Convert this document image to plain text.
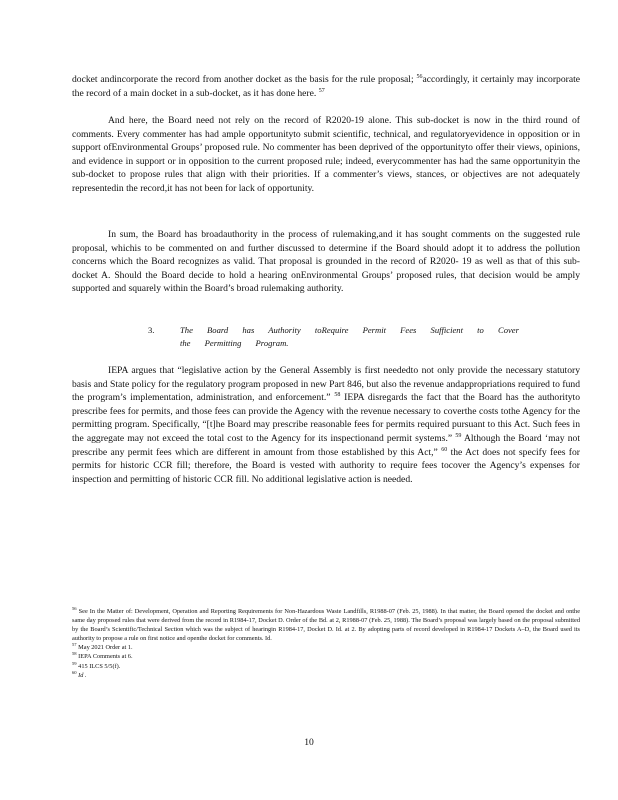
docket andincorporate the record from another docket as the basis for the rule proposal; $^{56}$accordingly, it certainly may incorporate the record of a main docket in a sub-docket, as it has done here. $^{57}$

And here, the Board need not rely on the record of R2020-19 alone. This sub-docket is now in the third round of comments. Every commenter has had ample opportunityto submit scientific, technical, and regulatoryevidence in opposition or in support ofEnvironmental Groups’ proposed rule. No commenter has been deprived of the opportunityto offer their views, opinions, and evidence in support or in opposition to the current proposed rule; indeed, everycommenter has had the same opportunityin the sub-docket to propose rules that align with their priorities. If a commenter’s views, stances, or objectives are not adequately representedin the record,it has not been for lack of opportunity.

In sum, the Board has broadauthority in the process of rulemaking,and it has sought comments on the suggested rule proposal, whichis to be commented on and further discussed to determine if the Board should adopt it to address the pollution concerns which the Board recognizes as valid. That proposal is grounded in the record of R2020- 19 as well as that of this sub-docket A. Should the Board decide to hold a hearing onEnvironmental Groups’ proposed rules, that decision would be amply supported and squarely within the Board’s broad rulemaking authority.

3.	The Board has Authority toRequire Permit Fees Sufficient to Cover the Permitting Program.

IEPA argues that “legislative action by the General Assembly is first neededto not only provide the necessary statutory basis and State policy for the regulatory program proposed in new Part 846, but also the revenue andappropriations required to fund the program’s implementation, administration, and enforcement.” $^{58}$ IEPA disregards the fact that the Board has the authorityto prescribe fees for permits, and those fees can provide the Agency with the revenue necessary to coverthe costs tothe Agency for the permitting program. Specifically, “[t]he Board may prescribe reasonable fees for permits required pursuant to this Act. Such fees in the aggregate may not exceed the total cost to the Agency for its inspectionand permit systems.” $^{59}$ Although the Board ‘may not prescribe any permit fees which are different in amount from those established by this Act,” $^{60}$ the Act does not specify fees for permits for historic CCR fill; therefore, the Board is vested with authority to require fees tocover the Agency’s expenses for inspection and permitting of historic CCR fill. No additional legislative action is needed.

$^{56}$ See In the Matter of: Development, Operation and Reporting Requirements for Non-Hazardous Waste Landfills, R1988-07 (Feb. 25, 1988). In that matter, the Board opened the docket and onthe same day proposed rules that were derived from the record in R1984-17, Docket D. Order of the Bd. at 2, R1988-07 (Feb. 25, 1988). The Board’s proposal was largely based on the proposal submitted by the Board’s Scientific/Technical Section which was the subject of hearingin R1984-17, Docket D. Id. at 2. By adopting parts of record developed in R1984-17 Dockets A–D, the Board used its authority to propose a rule on first notice and openthe docket for comments. Id.

$^{57}$ May 2021 Order at 1.

$^{58}$ IEPA Comments at 6.

$^{59}$ 415 ILCS 5/5(f).

$^{60}$ Id .

10
